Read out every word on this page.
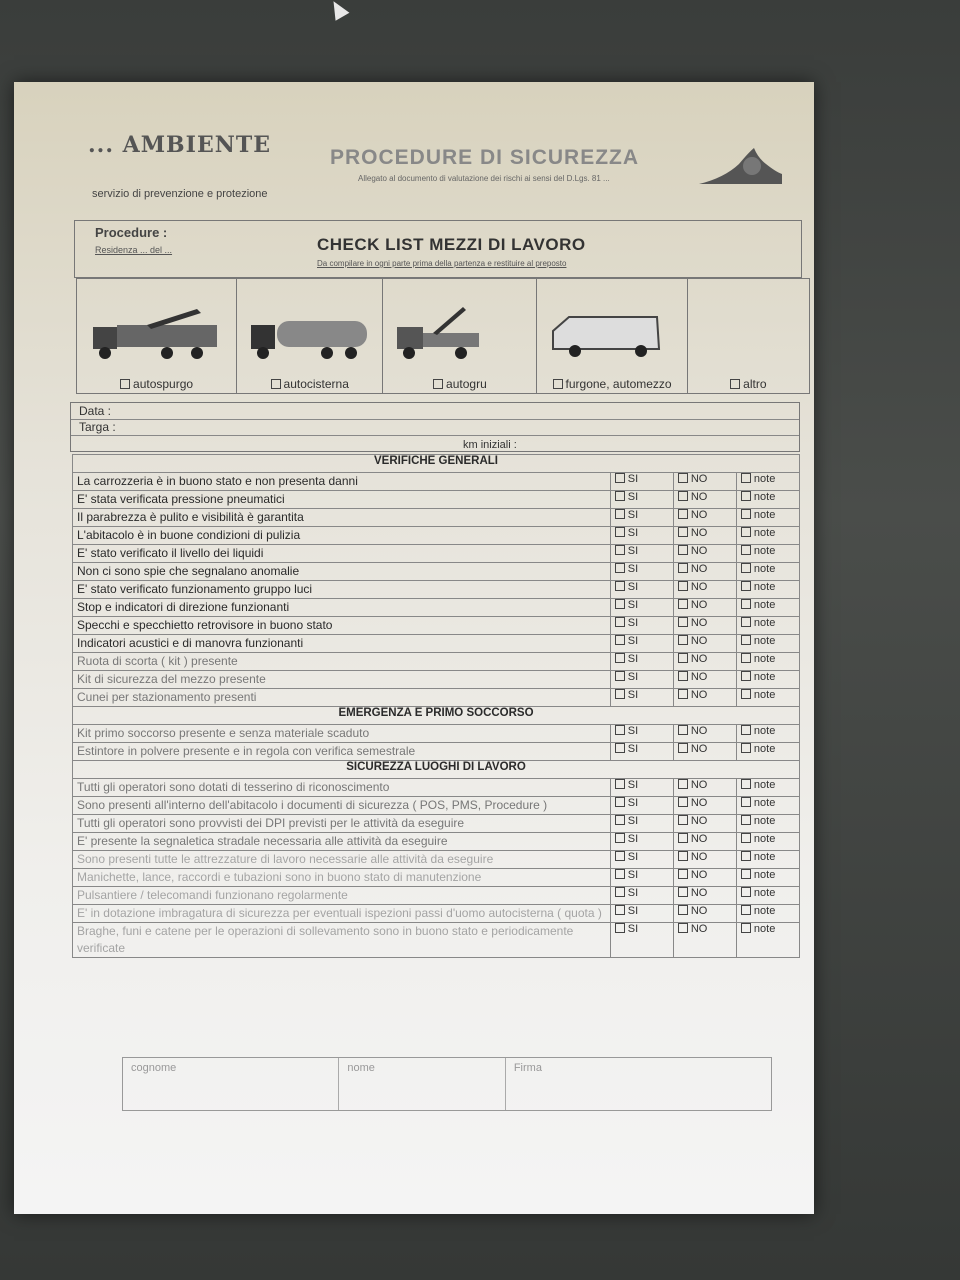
... AMBIENTE
servizio di prevenzione e protezione
PROCEDURE DI SICUREZZA
Allegato al documento di valutazione dei rischi ai sensi del D.Lgs. 81 ...
Procedure :
Residenza ... del ...	CHECK LIST MEZZI DI LAVORO
Da compilare in ogni parte prima della partenza e restituire al preposto
autospurgo	autocisterna	autogru	furgone, automezzo	altro
Data :
Targa :
km iniziali :
VERIFICHE GENERALI			
La carrozzeria è in buono stato e non presenta danni	SI	NO	note
E' stata verificata pressione pneumatici	SI	NO	note
Il parabrezza è pulito e visibilità è garantita	SI	NO	note
L'abitacolo è in buone condizioni di pulizia	SI	NO	note
E' stato verificato il livello dei liquidi	SI	NO	note
Non ci sono spie che segnalano anomalie	SI	NO	note
E' stato verificato funzionamento gruppo luci	SI	NO	note
Stop e indicatori di direzione funzionanti	SI	NO	note
Specchi e specchietto retrovisore in buono stato	SI	NO	note
Indicatori acustici e di manovra funzionanti	SI	NO	note
Ruota di scorta ( kit ) presente	SI	NO	note
Kit di sicurezza del mezzo presente	SI	NO	note
Cunei per stazionamento presenti	SI	NO	note
EMERGENZA E PRIMO SOCCORSO			
Kit primo soccorso presente e senza materiale scaduto	SI	NO	note
Estintore in polvere presente e in regola con verifica semestrale	SI	NO	note
SICUREZZA LUOGHI DI LAVORO			
Tutti gli operatori sono dotati di tesserino di riconoscimento	SI	NO	note
Sono presenti all'interno dell'abitacolo i documenti di sicurezza ( POS, PMS, Procedure )	SI	NO	note
Tutti gli operatori sono provvisti dei DPI previsti per le attività da eseguire	SI	NO	note
E' presente la segnaletica stradale necessaria alle attività da eseguire	SI	NO	note
Sono presenti tutte le attrezzature di lavoro necessarie alle attività da eseguire	SI	NO	note
Manichette, lance, raccordi e tubazioni sono in buono stato di manutenzione	SI	NO	note
Pulsantiere / telecomandi funzionano regolarmente	SI	NO	note
E' in dotazione imbragatura di sicurezza per eventuali ispezioni passi d'uomo autocisterna ( quota )	SI	NO	note
Braghe, funi e catene per le operazioni di sollevamento sono in buono stato e periodicamente verificate	SI	NO	note
cognome	nome	Firma
